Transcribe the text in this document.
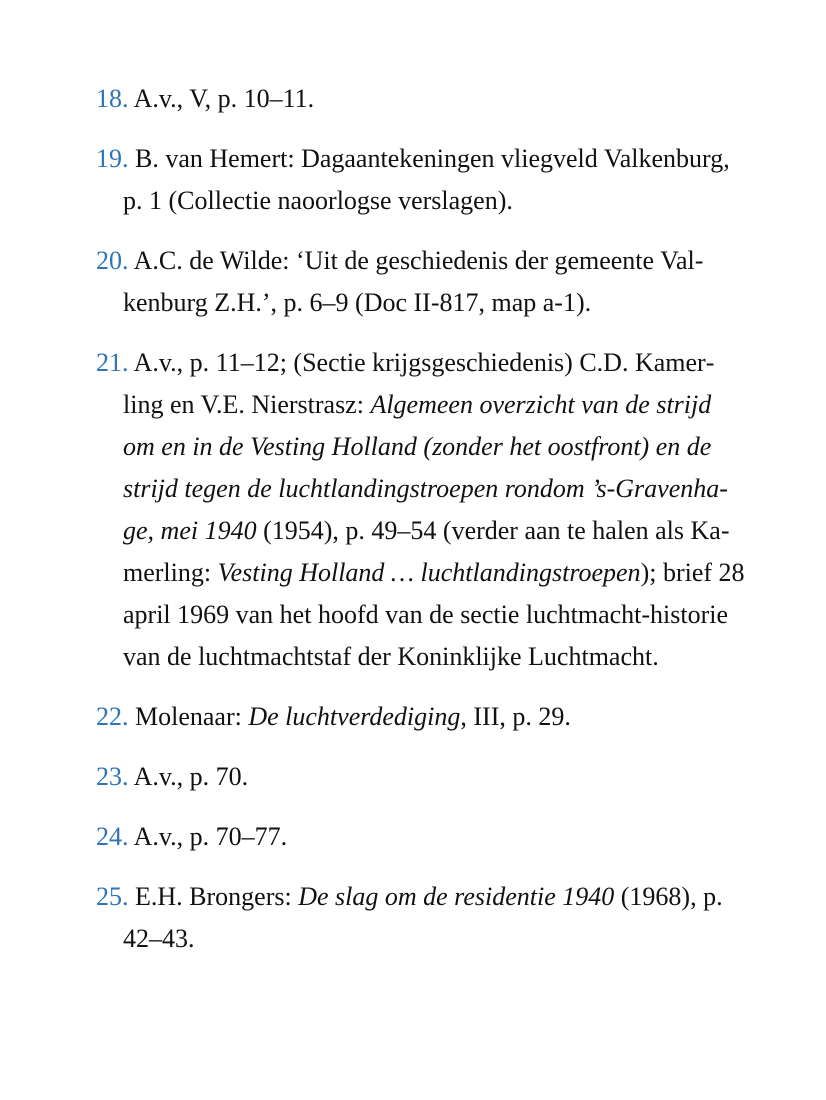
18. A.v., V, p. 10–11.
19. B. van Hemert: Dagaantekeningen vliegveld Valkenburg, p. 1 (Collectie naoorlogse verslagen).
20. A.C. de Wilde: ‘Uit de geschiedenis der gemeente Valkenburg Z.H.’, p. 6–9 (Doc II-817, map a-1).
21. A.v., p. 11–12; (Sectie krijgsgeschiedenis) C.D. Kamerling en V.E. Nierstrasz: Algemeen overzicht van de strijd om en in de Vesting Holland (zonder het oostfront) en de strijd tegen de luchtlandingstroepen rondom ’s-Gravenhage, mei 1940 (1954), p. 49–54 (verder aan te halen als Kamerling: Vesting Holland … luchtlandingstroepen); brief 28 april 1969 van het hoofd van de sectie luchtmacht-historie van de luchtmachtstaf der Koninklijke Luchtmacht.
22. Molenaar: De luchtverdediging, III, p. 29.
23. A.v., p. 70.
24. A.v., p. 70–77.
25. E.H. Brongers: De slag om de residentie 1940 (1968), p. 42–43.
